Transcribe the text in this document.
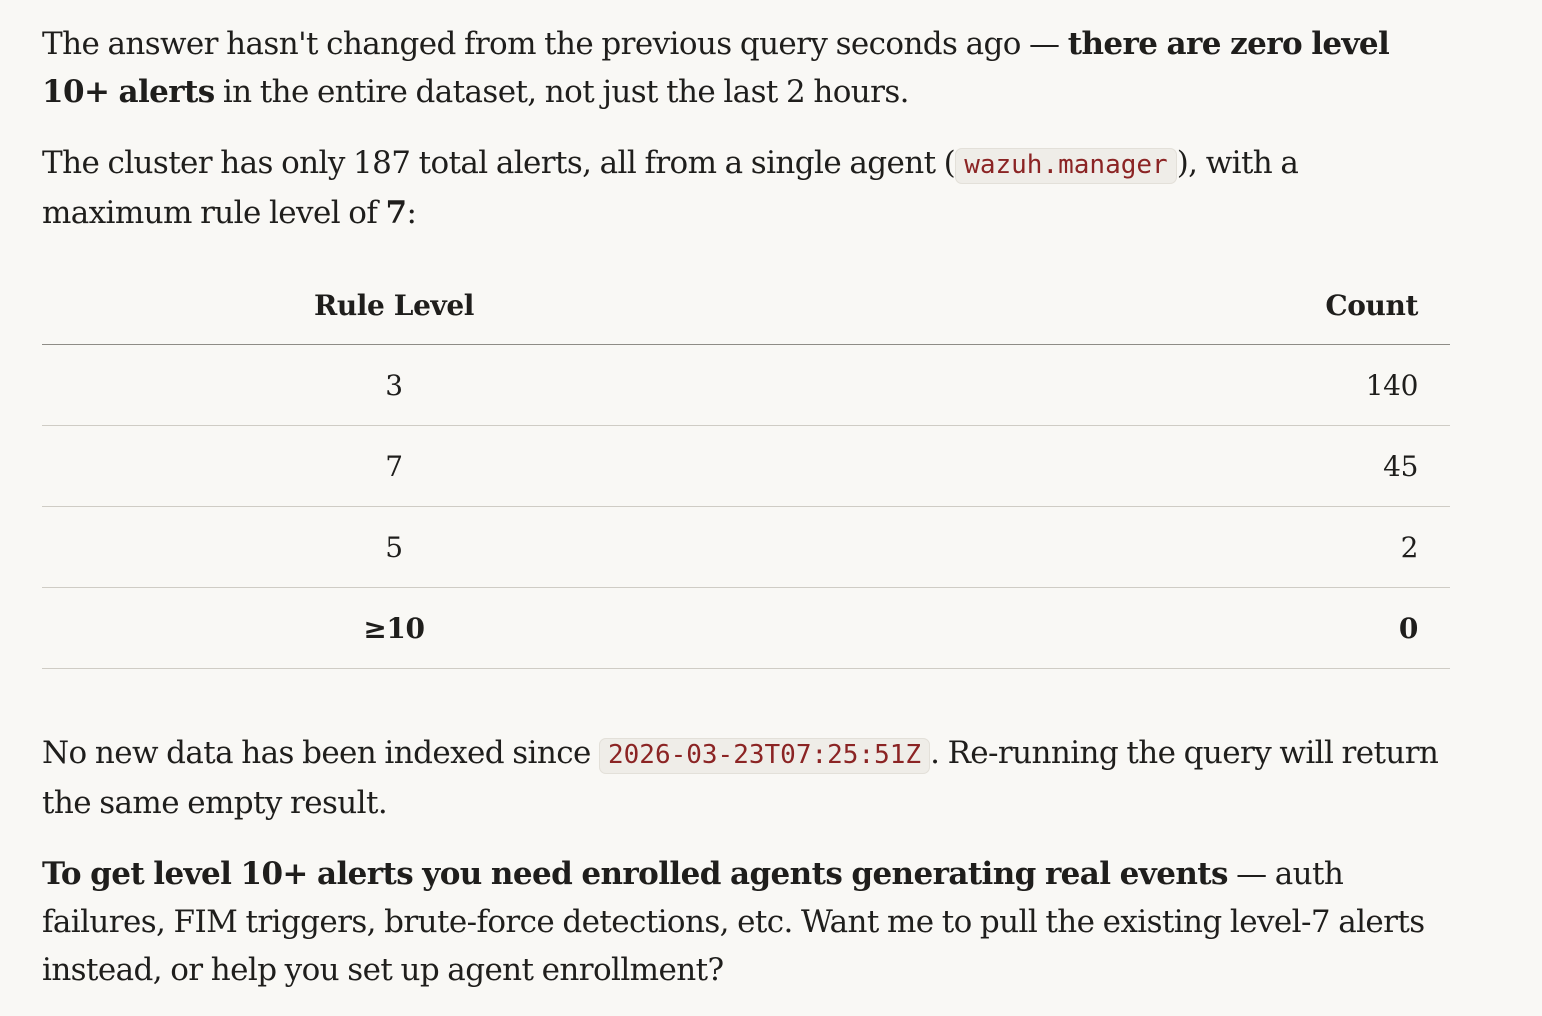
The answer hasn't changed from the previous query seconds ago — there are zero level 10+ alerts in the entire dataset, not just the last 2 hours.

The cluster has only 187 total alerts, all from a single agent ( wazuh.manager ), with a maximum rule level of 7:

Rule Level	Count
3	140
7	45
5	2
≥10	0

No new data has been indexed since 2026-03-23T07:25:51Z . Re-running the query will return the same empty result.

To get level 10+ alerts you need enrolled agents generating real events — auth failures, FIM triggers, brute-force detections, etc. Want me to pull the existing level-7 alerts instead, or help you set up agent enrollment?
